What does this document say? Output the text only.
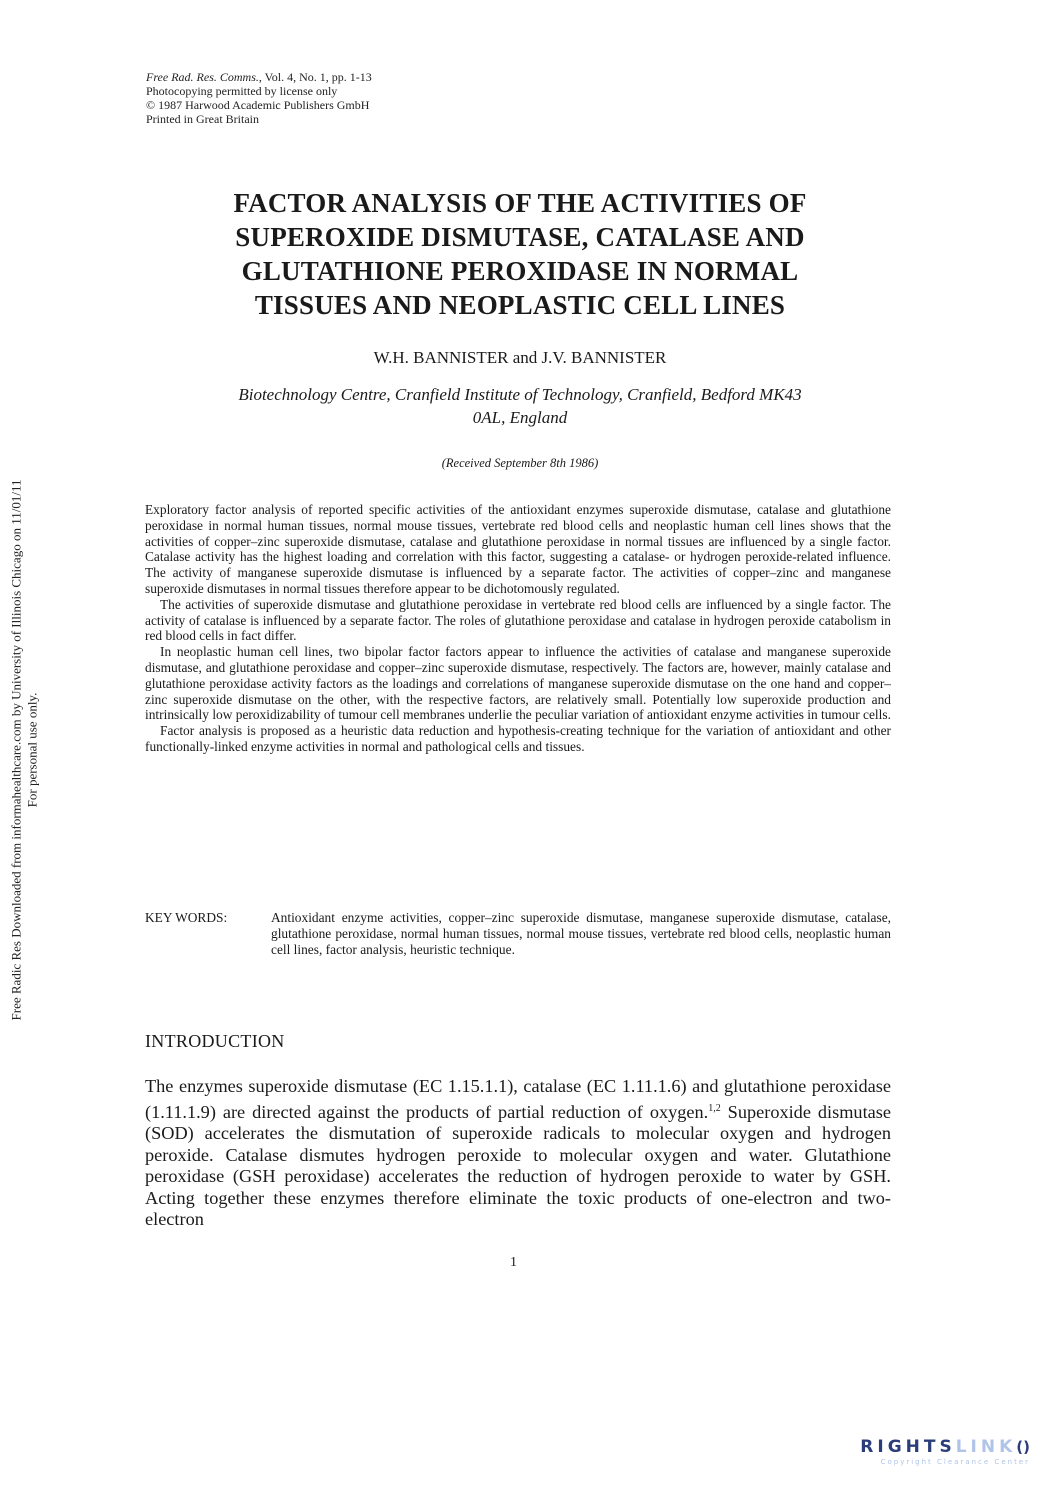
Free Radic Res Downloaded from informahealthcare.com by University of Illinois Chicago on 11/01/11 For personal use only.
Free Rad. Res. Comms., Vol. 4, No. 1, pp. 1-13
Photocopying permitted by license only
© 1987 Harwood Academic Publishers GmbH
Printed in Great Britain
FACTOR ANALYSIS OF THE ACTIVITIES OF
SUPEROXIDE DISMUTASE, CATALASE AND
GLUTATHIONE PEROXIDASE IN NORMAL
TISSUES AND NEOPLASTIC CELL LINES
W.H. BANNISTER and J.V. BANNISTER
Biotechnology Centre, Cranfield Institute of Technology, Cranfield, Bedford MK43
0AL, England
(Received September 8th 1986)

Exploratory factor analysis of reported specific activities of the antioxidant enzymes superoxide dismutase, catalase and glutathione peroxidase in normal human tissues, normal mouse tissues, vertebrate red blood cells and neoplastic human cell lines shows that the activities of copper–zinc superoxide dismutase, catalase and glutathione peroxidase in normal tissues are influenced by a single factor. Catalase activity has the highest loading and correlation with this factor, suggesting a catalase- or hydrogen peroxide-related influence. The activity of manganese superoxide dismutase is influenced by a separate factor. The activities of copper–zinc and manganese superoxide dismutases in normal tissues therefore appear to be dichotomously regulated.

The activities of superoxide dismutase and glutathione peroxidase in vertebrate red blood cells are influenced by a single factor. The activity of catalase is influenced by a separate factor. The roles of glutathione peroxidase and catalase in hydrogen peroxide catabolism in red blood cells in fact differ.

In neoplastic human cell lines, two bipolar factor factors appear to influence the activities of catalase and manganese superoxide dismutase, and glutathione peroxidase and copper–zinc superoxide dismutase, respectively. The factors are, however, mainly catalase and glutathione peroxidase activity factors as the loadings and correlations of manganese superoxide dismutase on the one hand and copper–zinc superoxide dismutase on the other, with the respective factors, are relatively small. Potentially low superoxide production and intrinsically low peroxidizability of tumour cell membranes underlie the peculiar variation of antioxidant enzyme activities in tumour cells.

Factor analysis is proposed as a heuristic data reduction and hypothesis-creating technique for the variation of antioxidant and other functionally-linked enzyme activities in normal and pathological cells and tissues.

KEY WORDS:	Antioxidant enzyme activities, copper–zinc superoxide dismutase, manganese superoxide dismutase, catalase, glutathione peroxidase, normal human tissues, normal mouse tissues, vertebrate red blood cells, neoplastic human cell lines, factor analysis, heuristic technique.
INTRODUCTION

The enzymes superoxide dismutase (EC 1.15.1.1), catalase (EC 1.11.1.6) and glutathione peroxidase (1.11.1.9) are directed against the products of partial reduction of oxygen.$^{1,2}$ Superoxide dismutase (SOD) accelerates the dismutation of superoxide radicals to molecular oxygen and hydrogen peroxide. Catalase dismutes hydrogen peroxide to molecular oxygen and water. Glutathione peroxidase (GSH peroxidase) accelerates the reduction of hydrogen peroxide to water by GSH. Acting together these enzymes therefore eliminate the toxic products of one-electron and two-electron

1
RIGHTSLINK()
Copyright Clearance Center
